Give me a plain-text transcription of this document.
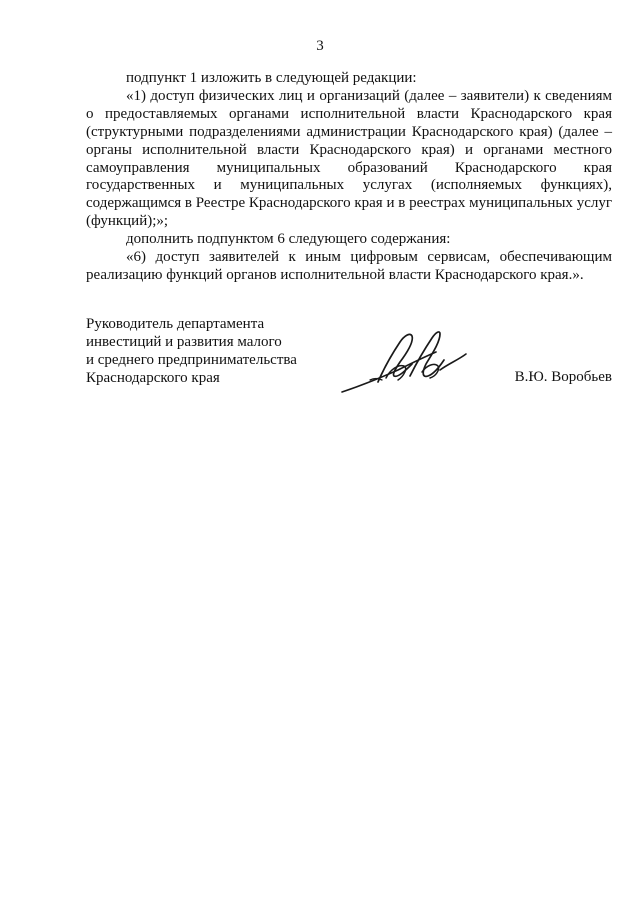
3

подпункт 1 изложить в следующей редакции:

«1) доступ физических лиц и организаций (далее – заявители) к сведениям о предоставляемых органами исполнительной власти Краснодарского края (структурными подразделениями администрации Краснодарского края) (далее – органы исполнительной власти Краснодарского края) и органами местного самоуправления муниципальных образований Краснодарского края государственных и муниципальных услугах (исполняемых функциях), содержащимся в Реестре Краснодарского края и в реестрах муниципальных услуг (функций);»;

дополнить подпунктом 6 следующего содержания:

«6) доступ заявителей к иным цифровым сервисам, обеспечивающим реализацию функций органов исполнительной власти Краснодарского края.».

Руководитель департамента
инвестиций и развития малого
и среднего предпринимательства
Краснодарского края	В.Ю. Воробьев
